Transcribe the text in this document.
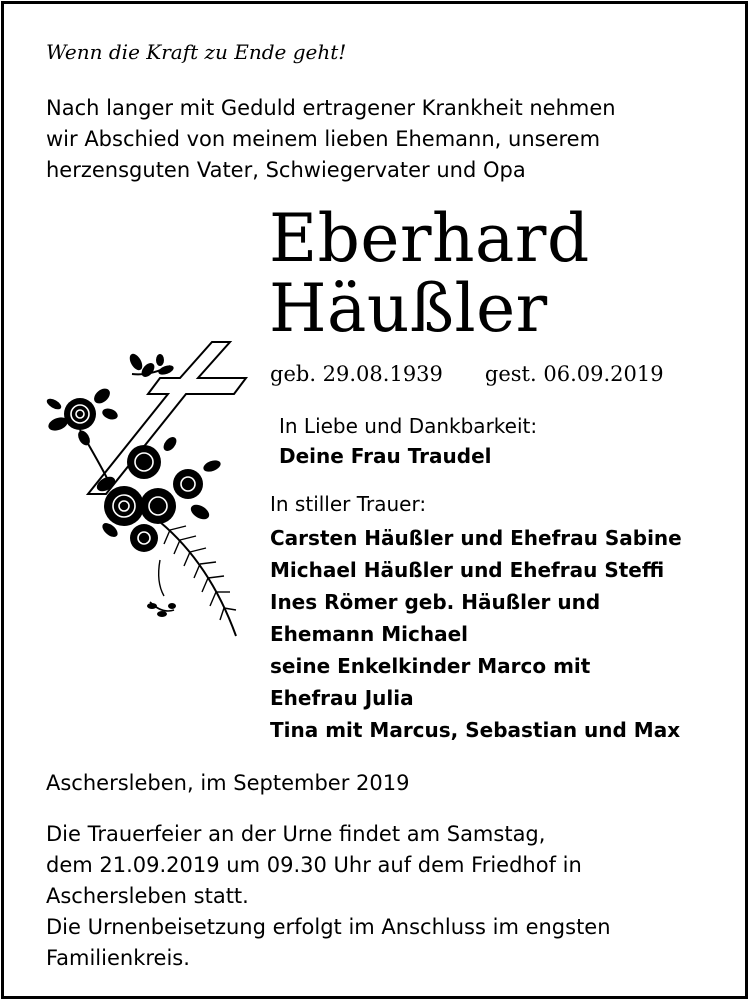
Wenn die Kraft zu Ende geht!

Nach langer mit Geduld ertragener Krankheit nehmen
wir Abschied von meinem lieben Ehemann, unserem
herzensguten Vater, Schwiegervater und Opa
Eberhard
Häußler
geb. 29.08.1939 gest. 06.09.2019

In Liebe und Dankbarkeit:

Deine Frau Traudel

In stiller Trauer:

Carsten Häußler und Ehefrau Sabine
Michael Häußler und Ehefrau Steffi
Ines Römer geb. Häußler und
Ehemann Michael
seine Enkelkinder Marco mit
Ehefrau Julia
Tina mit Marcus, Sebastian und Max

Aschersleben, im September 2019

Die Trauerfeier an der Urne findet am Samstag,
dem 21.09.2019 um 09.30 Uhr auf dem Friedhof in
Aschersleben statt.
Die Urnenbeisetzung erfolgt im Anschluss im engsten
Familienkreis.
